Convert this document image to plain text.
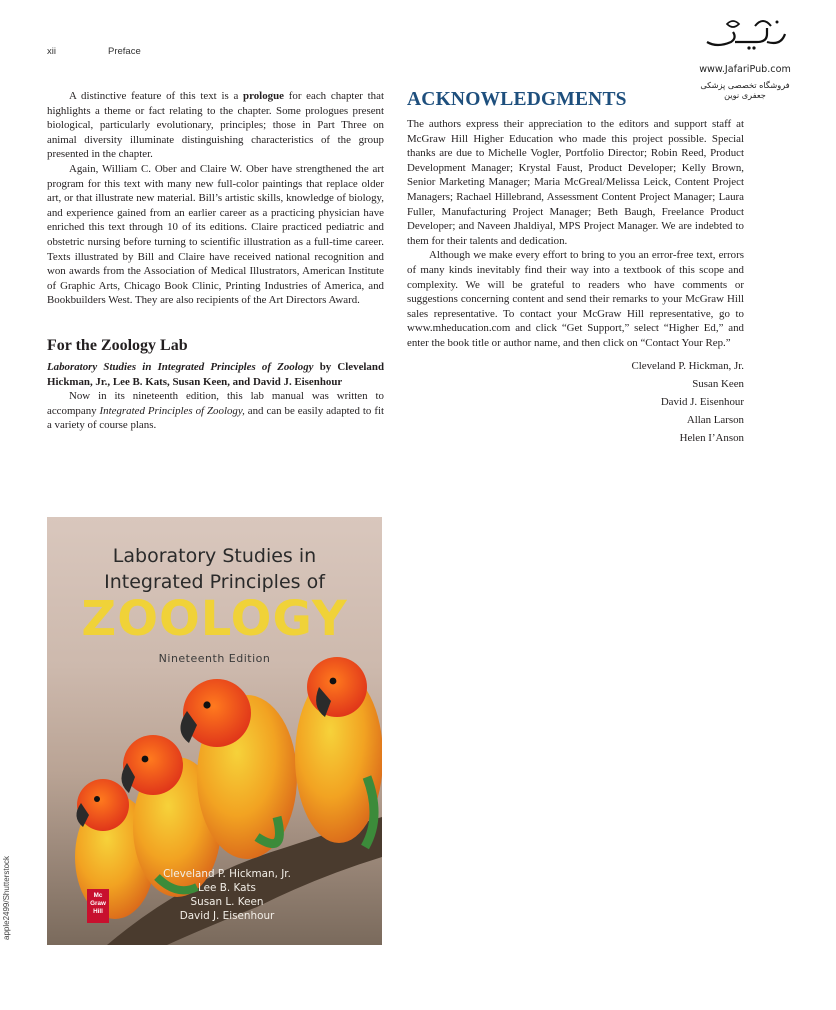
xii	Preface
www.JafariPub.com
فروشگاه تخصصی پزشکی جعفری نوین

A distinctive feature of this text is a prologue for each chapter that highlights a theme or fact relating to the chapter. Some prologues present biological, particularly evolutionary, principles; those in Part Three on animal diversity illuminate distinguishing characteristics of the group presented in the chapter.

Again, William C. Ober and Claire W. Ober have strengthened the art program for this text with many new full-color paintings that replace older art, or that illustrate new material. Bill’s artistic skills, knowledge of biology, and experience gained from an earlier career as a practicing physician have enriched this text through 10 of its editions. Claire practiced pediatric and obstetric nursing before turning to scientific illustration as a full-time career. Texts illustrated by Bill and Claire have received national recognition and won awards from the Association of Medical Illustrators, American Institute of Graphic Arts, Chicago Book Clinic, Printing Industries of America, and Bookbuilders West. They are also recipients of the Art Directors Award.

For the Zoology Lab

Laboratory Studies in Integrated Principles of Zoology by Cleveland Hickman, Jr., Lee B. Kats, Susan Keen, and David J. Eisenhour

Now in its nineteenth edition, this lab manual was written to accompany Integrated Principles of Zoology, and can be easily adapted to fit a variety of course plans.

ACKNOWLEDGMENTS

The authors express their appreciation to the editors and support staff at McGraw Hill Higher Education who made this project possible. Special thanks are due to Michelle Vogler, Portfolio Director; Robin Reed, Product Development Manager; Krystal Faust, Product Developer; Kelly Brown, Senior Marketing Manager; Maria McGreal/Melissa Leick, Content Project Managers; Rachael Hillebrand, Assessment Content Project Manager; Laura Fuller, Manufacturing Project Manager; Beth Baugh, Freelance Product Developer; and Naveen Jhaldiyal, MPS Project Manager. We are indebted to them for their talents and dedication.

Although we make every effort to bring to you an error-free text, errors of many kinds inevitably find their way into a textbook of this scope and complexity. We will be grateful to readers who have comments or suggestions concerning content and send their remarks to your McGraw Hill sales representative. To contact your McGraw Hill representative, go to www.mheducation.com and click “Get Support,” select “Higher Ed,” and enter the book title or author name, and then click on “Contact Your Rep.”

Cleveland P. Hickman, Jr.
Susan Keen
David J. Eisenhour
Allan Larson
Helen I’Anson
Laboratory Studies in
Integrated Principles of
ZOOLOGY
Nineteenth Edition
Cleveland P. Hickman, Jr.
Lee B. Kats
Susan L. Keen
David J. Eisenhour
Mc
Graw
Hill
apple2499/Shutterstock
